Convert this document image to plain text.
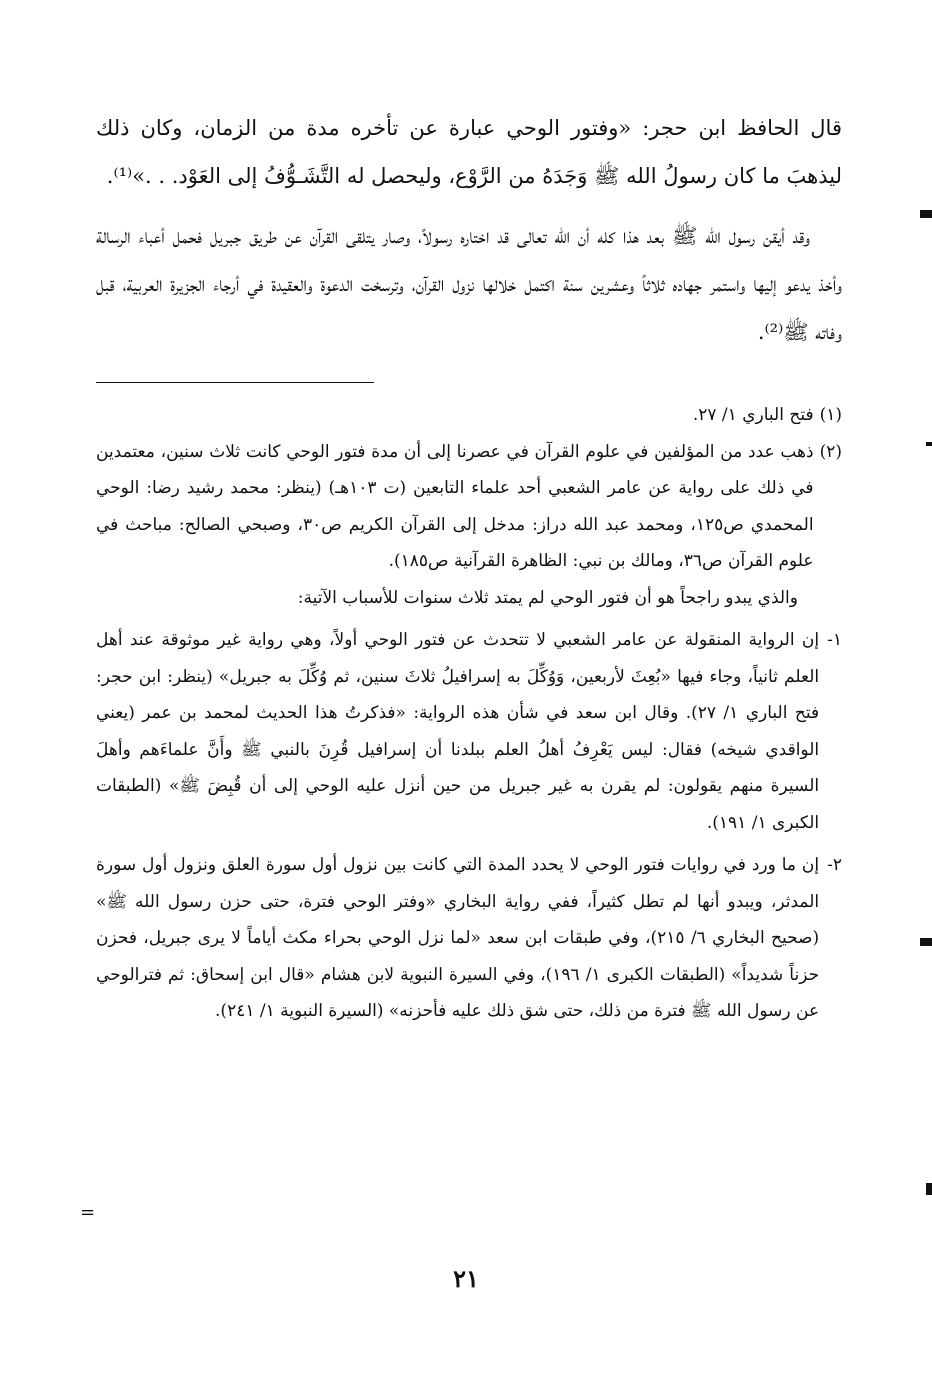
قال الحافظ ابن حجر: «وفتور الوحي عبارة عن تأخره مدة من الزمان، وكان ذلك ليذهبَ ما كان رسولُ الله ﷺ وَجَدَهُ من الرَّوْع، وليحصل له التَّشَـوُّفُ إلى العَوْد. . .»⁽¹⁾.

وقد أيقن رسول الله ﷺ بعد هذا كله أن الله تعالى قد اختاره رسولاً، وصار يتلقى القرآن عن طريق جبريل فحمل أعباء الرسالة وأخذ يدعو إليها واستمر جهاده ثلاثاً وعشرين سنة اكتمل خلالها نزول القرآن، وترسخت الدعوة والعقيدة في أرجاء الجزيرة العربية، قبل وفاته ﷺ⁽²⁾.

(١)
فتح الباري ١/ ٢٧.
(٢)
ذهب عدد من المؤلفين في علوم القرآن في عصرنا إلى أن مدة فتور الوحي كانت ثلاث سنين، معتمدين في ذلك على رواية عن عامر الشعبي أحد علماء التابعين (ت ١٠٣هـ) (ينظر: محمد رشيد رضا: الوحي المحمدي ص١٢٥، ومحمد عبد الله دراز: مدخل إلى القرآن الكريم ص٣٠، وصبحي الصالح: مباحث في علوم القرآن ص٣٦، ومالك بن نبي: الظاهرة القرآنية ص١٨٥).

والذي يبدو راجحاً هو أن فتور الوحي لم يمتد ثلاث سنوات للأسباب الآتية:

١-
إن الرواية المنقولة عن عامر الشعبي لا تتحدث عن فتور الوحي أولاً، وهي رواية غير موثوقة عند أهل العلم ثانياً، وجاء فيها «بُعِثَ لأربعين، وَوُكِّلَ به إسرافيلُ ثلاثَ سنين، ثم وُكِّلَ به جبريل» (ينظر: ابن حجر: فتح الباري ١/ ٢٧). وقال ابن سعد في شأن هذه الرواية: «فذكرتُ هذا الحديث لمحمد بن عمر (يعني الواقدي شيخه) فقال: ليس يَعْرِفُ أهلُ العلم ببلدنا أن إسرافيل قُرِنَ بالنبي ﷺ وأَنَّ علماءَهم وأهلَ السيرة منهم يقولون: لم يقرن به غير جبريل من حين أنزل عليه الوحي إلى أن قُبِضَ ﷺ» (الطبقات الكبرى ١/ ١٩١).
٢-
إن ما ورد في روايات فتور الوحي لا يحدد المدة التي كانت بين نزول أول سورة العلق ونزول أول سورة المدثر، ويبدو أنها لم تطل كثيراً، ففي رواية البخاري «وفتر الوحي فترة، حتى حزن رسول الله ﷺ» (صحيح البخاري ٦/ ٢١٥)، وفي طبقات ابن سعد «لما نزل الوحي بحراء مكث أياماً لا يرى جبريل، فحزن حزناً شديداً» (الطبقات الكبرى ١/ ١٩٦)، وفي السيرة النبوية لابن هشام «قال ابن إسحاق: ثم فترالوحي عن رسول الله ﷺ فترة من ذلك، حتى شق ذلك عليه فأحزنه» (السيرة النبوية ١/ ٢٤١).
=
٢١
